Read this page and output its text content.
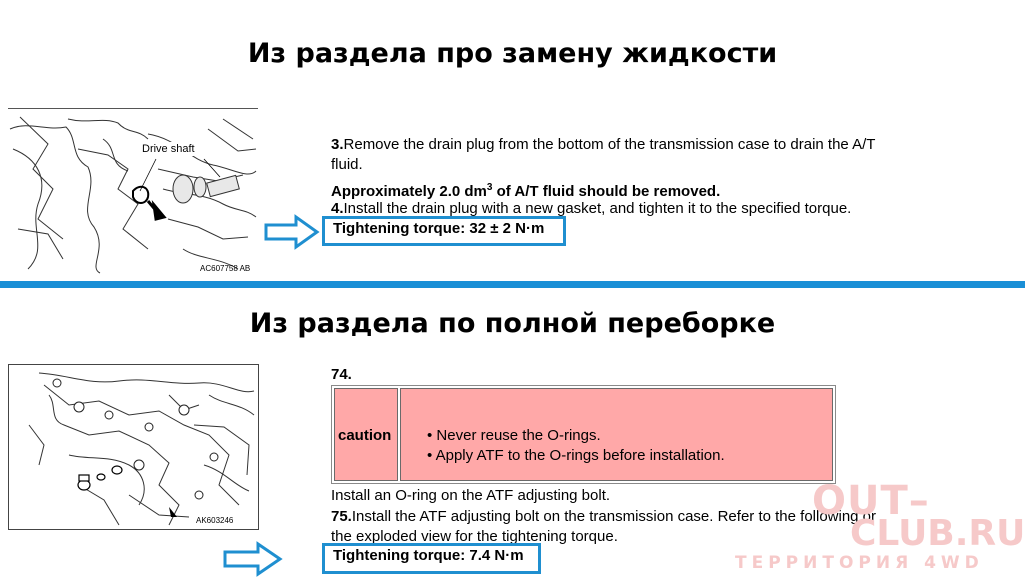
Из раздела про замену жидкости
Drive shaft
AC607758 AB
3.Remove the drain plug from the bottom of the transmission case to drain the A/T
fluid.
Approximately 2.0 $dm^3$ of A/T fluid should be removed.
4.Install the drain plug with a new gasket, and tighten it to the specified torque.
Tightening torque: 32 ± 2 N·m
Из раздела по полной переборке
AK603246
74.
caution • Never reuse the O-rings.
• Apply ATF to the O-rings before installation.
Install an O-ring on the ATF adjusting bolt.
75.Install the ATF adjusting bolt on the transmission case. Refer to the following or
the exploded view for the tightening torque.
Tightening torque: 7.4 N·m
OUT–
CLUB.RU
ТЕРРИТОРИЯ 4WD
